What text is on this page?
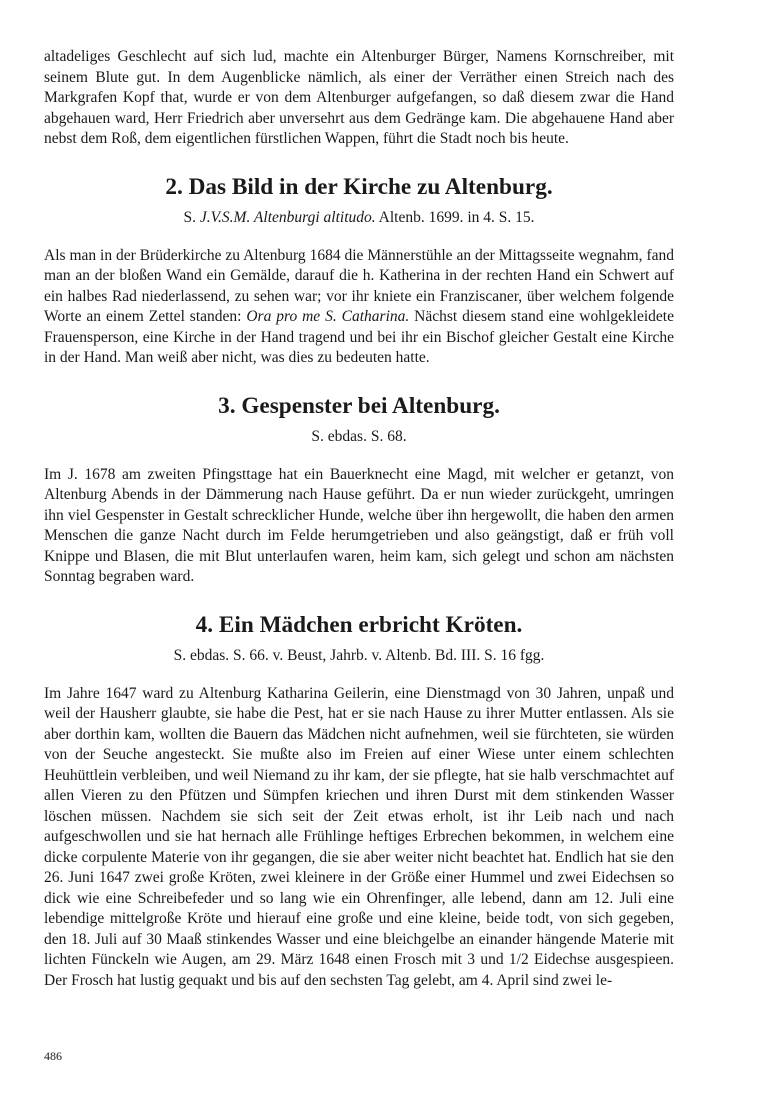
altadeliges Geschlecht auf sich lud, machte ein Altenburger Bürger, Namens Kornschreiber, mit seinem Blute gut. In dem Augenblicke nämlich, als einer der Verräther einen Streich nach des Markgrafen Kopf that, wurde er von dem Altenburger aufgefangen, so daß diesem zwar die Hand abgehauen ward, Herr Friedrich aber unversehrt aus dem Gedränge kam. Die abgehauene Hand aber nebst dem Roß, dem eigentlichen fürstlichen Wappen, führt die Stadt noch bis heute.

2. Das Bild in der Kirche zu Altenburg.

S. J.V.S.M. Altenburgi altitudo. Altenb. 1699. in 4. S. 15.

Als man in der Brüderkirche zu Altenburg 1684 die Männerstühle an der Mittagsseite wegnahm, fand man an der bloßen Wand ein Gemälde, darauf die h. Katherina in der rechten Hand ein Schwert auf ein halbes Rad niederlassend, zu sehen war; vor ihr kniete ein Franziscaner, über welchem folgende Worte an einem Zettel standen: Ora pro me S. Catharina. Nächst diesem stand eine wohlgekleidete Frauensperson, eine Kirche in der Hand tragend und bei ihr ein Bischof gleicher Gestalt eine Kirche in der Hand. Man weiß aber nicht, was dies zu bedeuten hatte.

3. Gespenster bei Altenburg.

S. ebdas. S. 68.

Im J. 1678 am zweiten Pfingsttage hat ein Bauerknecht eine Magd, mit welcher er getanzt, von Altenburg Abends in der Dämmerung nach Hause geführt. Da er nun wieder zurückgeht, umringen ihn viel Gespenster in Gestalt schrecklicher Hunde, welche über ihn hergewollt, die haben den armen Menschen die ganze Nacht durch im Felde herumgetrieben und also geängstigt, daß er früh voll Knippe und Blasen, die mit Blut unterlaufen waren, heim kam, sich gelegt und schon am nächsten Sonntag begraben ward.

4. Ein Mädchen erbricht Kröten.

S. ebdas. S. 66. v. Beust, Jahrb. v. Altenb. Bd. III. S. 16 fgg.

Im Jahre 1647 ward zu Altenburg Katharina Geilerin, eine Dienstmagd von 30 Jahren, unpaß und weil der Hausherr glaubte, sie habe die Pest, hat er sie nach Hause zu ihrer Mutter entlassen. Als sie aber dorthin kam, wollten die Bauern das Mädchen nicht aufnehmen, weil sie fürchteten, sie würden von der Seuche angesteckt. Sie mußte also im Freien auf einer Wiese unter einem schlechten Heuhüttlein verbleiben, und weil Niemand zu ihr kam, der sie pflegte, hat sie halb verschmachtet auf allen Vieren zu den Pfützen und Sümpfen kriechen und ihren Durst mit dem stinkenden Wasser löschen müssen. Nachdem sie sich seit der Zeit etwas erholt, ist ihr Leib nach und nach aufgeschwollen und sie hat hernach alle Frühlinge heftiges Erbrechen bekommen, in welchem eine dicke corpulente Materie von ihr gegangen, die sie aber weiter nicht beachtet hat. Endlich hat sie den 26. Juni 1647 zwei große Kröten, zwei kleinere in der Größe einer Hummel und zwei Eidechsen so dick wie eine Schreibefeder und so lang wie ein Ohrenfinger, alle lebend, dann am 12. Juli eine lebendige mittelgroße Kröte und hierauf eine große und eine kleine, beide todt, von sich gegeben, den 18. Juli auf 30 Maaß stinkendes Wasser und eine bleichgelbe an einander hängende Materie mit lichten Fünckeln wie Augen, am 29. März 1648 einen Frosch mit 3 und 1/2 Eidechse ausgespieen. Der Frosch hat lustig gequakt und bis auf den sechsten Tag gelebt, am 4. April sind zwei le-

486
